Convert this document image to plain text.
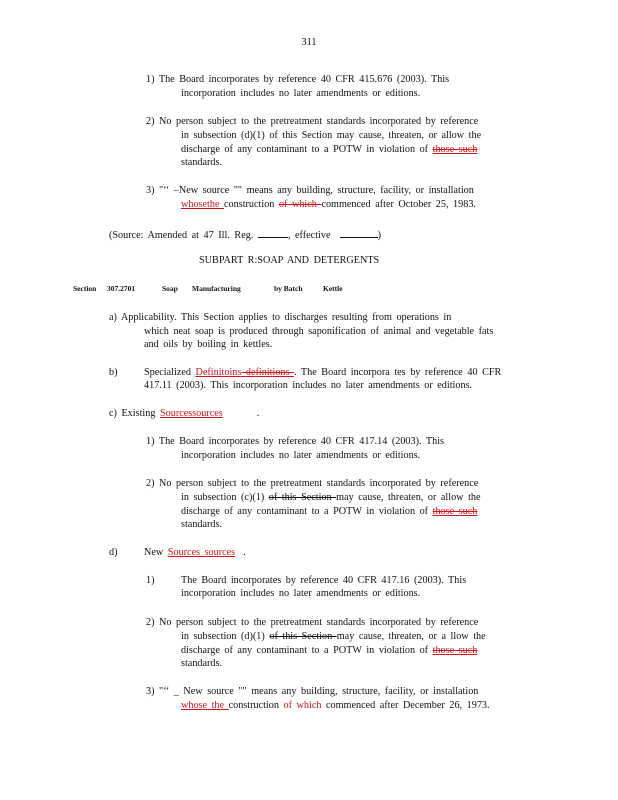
311
1) The Board incorporates by reference 40 CFR 415.676 (2003). This
incorporation includes no later amendments or editions.
2) No person subject to the pretreatment standards incorporated by reference
in subsection (d)(1) of this Section may cause, threaten, or allow the
discharge of any contaminant to a POTW in violation of those such
standards.
3) "‘‘ ‒New source "" means any building, structure, facility, or installation
whosethe construction of which commenced after October 25, 1983.
(Source: Amended at 47 Ill. Reg.	, effective	)
SUBPART R:SOAP AND DETERGENTS
Section 307.2701	Soap Manufacturing	by Batch	Kettle
a) Applicability. This Section applies to discharges resulting from operations in
which neat soap is produced through saponification of animal and vegetable fats
and oils by boiling in kettles.
b)	Specialized Definitoins definitions . The Board incorpora tes by reference 40 CFR
417.11 (2003). This incorporation includes no later amendments or editions.
c) Existing Sourcessources	.
1) The Board incorporates by reference 40 CFR 417.14 (2003). This
incorporation includes no later amendments or editions.
2) No person subject to the pretreatment standards incorporated by reference
in subsection (c)(1) of this Section may cause, threaten, or allow the
discharge of any contaminant to a POTW in violation of those such
standards.
d)	New Sources sources .
1)	The Board incorporates by reference 40 CFR 417.16 (2003). This
incorporation includes no later amendments or editions.
2) No person subject to the pretreatment standards incorporated by reference
in subsection (d)(1) of this Section may cause, threaten, or a llow the
discharge of any contaminant to a POTW in violation of those such
standards.
3) "‘‘ _ New source "" means any building, structure, facility, or installation
whose the construction of which commenced after December 26, 1973.
